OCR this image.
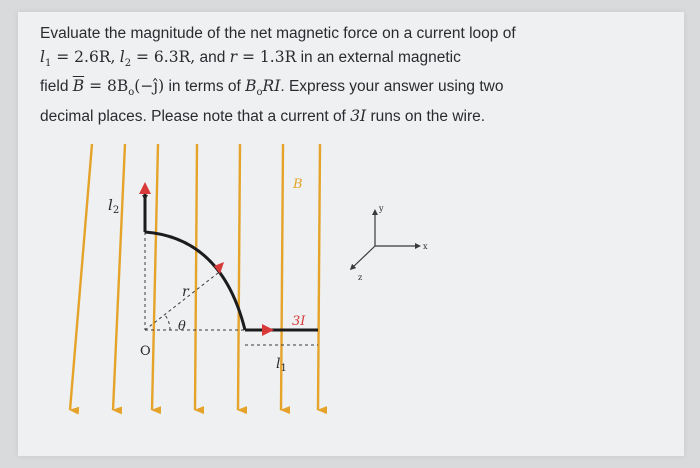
Evaluate the magnitude of the net magnetic force on a current loop of
$l_1 = 2.6R$, $l_2 = 6.3R$, and r = 1.3R in an external magnetic
field $\overline{B}$ = $8B_o(-ĵ)$ in terms of $B_oRI$. Express your answer using two
decimal places. Please note that a current of 3I runs on the wire.
B
$l_2$
r
θ	3I
O
$l_1$
y
x
z
